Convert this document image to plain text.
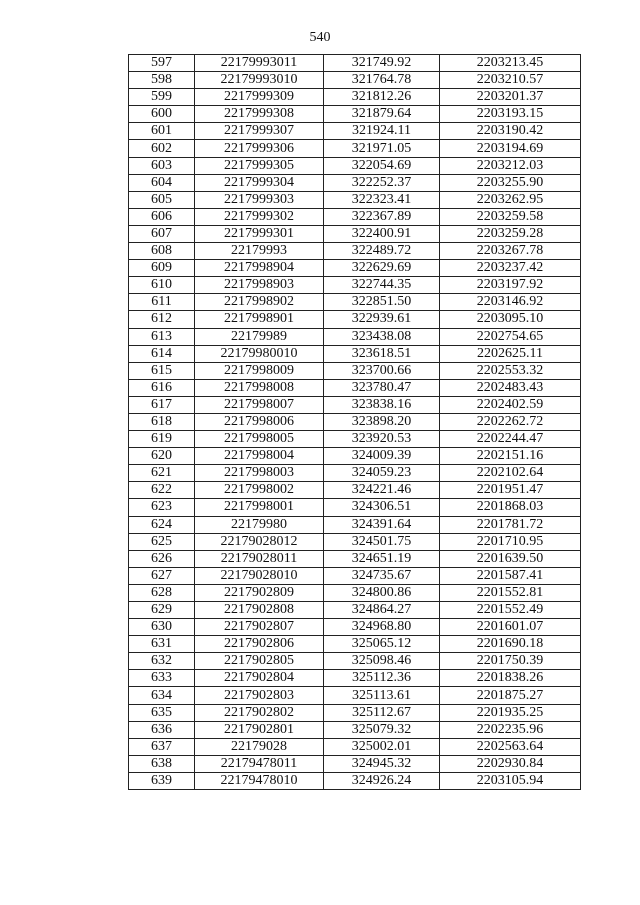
540
597	22179993011	321749.92	2203213.45
598	22179993010	321764.78	2203210.57
599	2217999309	321812.26	2203201.37
600	2217999308	321879.64	2203193.15
601	2217999307	321924.11	2203190.42
602	2217999306	321971.05	2203194.69
603	2217999305	322054.69	2203212.03
604	2217999304	322252.37	2203255.90
605	2217999303	322323.41	2203262.95
606	2217999302	322367.89	2203259.58
607	2217999301	322400.91	2203259.28
608	22179993	322489.72	2203267.78
609	2217998904	322629.69	2203237.42
610	2217998903	322744.35	2203197.92
611	2217998902	322851.50	2203146.92
612	2217998901	322939.61	2203095.10
613	22179989	323438.08	2202754.65
614	22179980010	323618.51	2202625.11
615	2217998009	323700.66	2202553.32
616	2217998008	323780.47	2202483.43
617	2217998007	323838.16	2202402.59
618	2217998006	323898.20	2202262.72
619	2217998005	323920.53	2202244.47
620	2217998004	324009.39	2202151.16
621	2217998003	324059.23	2202102.64
622	2217998002	324221.46	2201951.47
623	2217998001	324306.51	2201868.03
624	22179980	324391.64	2201781.72
625	22179028012	324501.75	2201710.95
626	22179028011	324651.19	2201639.50
627	22179028010	324735.67	2201587.41
628	2217902809	324800.86	2201552.81
629	2217902808	324864.27	2201552.49
630	2217902807	324968.80	2201601.07
631	2217902806	325065.12	2201690.18
632	2217902805	325098.46	2201750.39
633	2217902804	325112.36	2201838.26
634	2217902803	325113.61	2201875.27
635	2217902802	325112.67	2201935.25
636	2217902801	325079.32	2202235.96
637	22179028	325002.01	2202563.64
638	22179478011	324945.32	2202930.84
639	22179478010	324926.24	2203105.94
